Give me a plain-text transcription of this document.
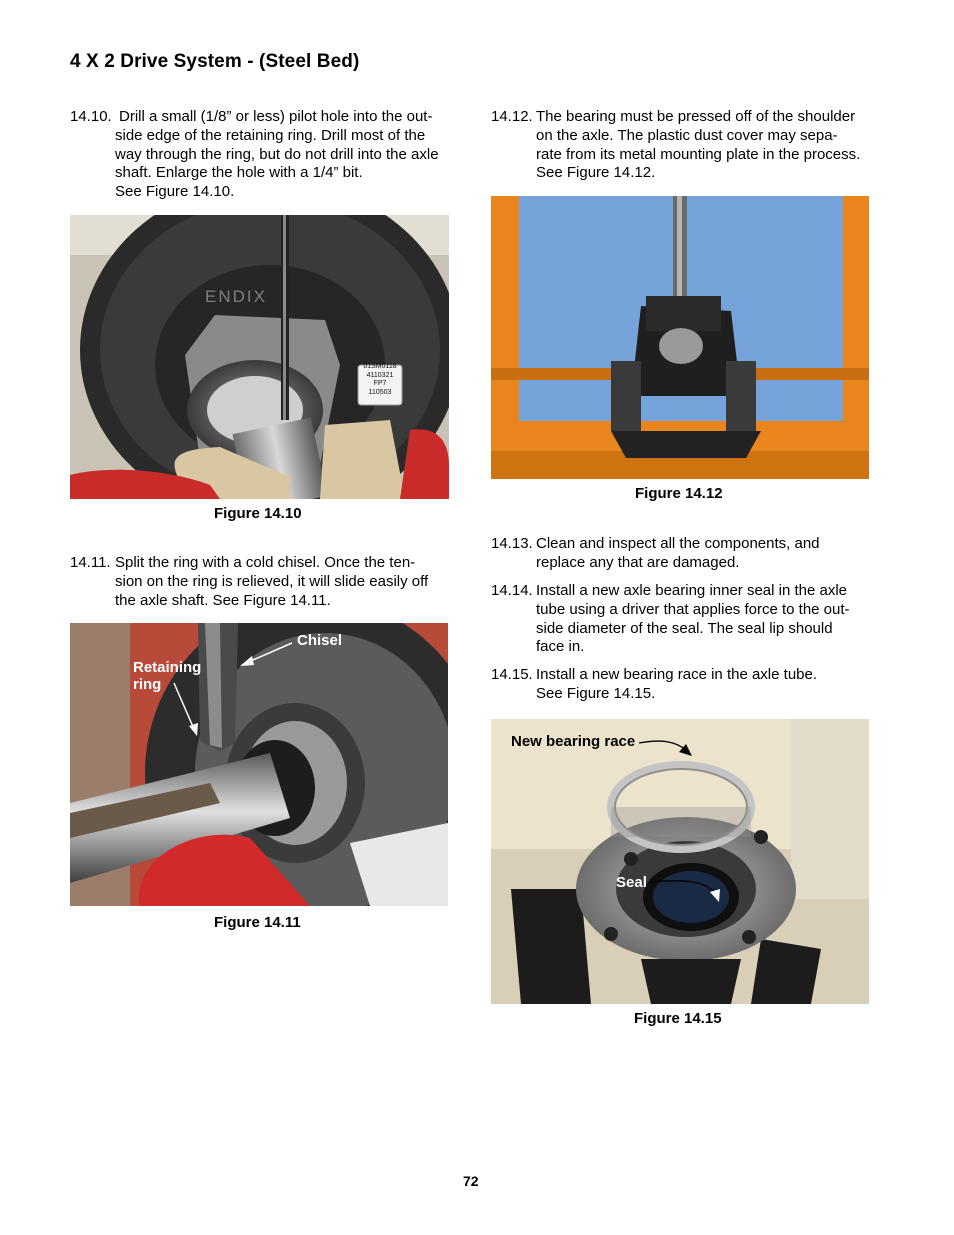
4 X 2 Drive System - (Steel Bed)
14.10. Drill a small (1/8” or less) pilot hole into the out-
side edge of the retaining ring. Drill most of the
way through the ring, but do not drill into the axle
shaft. Enlarge the hole with a 1/4” bit.
See Figure 14.10.
ENDIX
01SM0118
4110321
FP7
110503
Figure 14.10
14.11. Split the ring with a cold chisel. Once the ten-
sion on the ring is relieved, it will slide easily off
the axle shaft. See Figure 14.11.
Chisel
Retaining
ring
Figure 14.11
14.12. The bearing must be pressed off of the shoulder
on the axle. The plastic dust cover may sepa-
rate from its metal mounting plate in the process.
See Figure 14.12.
Figure 14.12
14.13. Clean and inspect all the components, and
replace any that are damaged.
14.14. Install a new axle bearing inner seal in the axle
tube using a driver that applies force to the out-
side diameter of the seal. The seal lip should
face in.
14.15. Install a new bearing race in the axle tube.
See Figure 14.15.
New bearing race
Seal
Figure 14.15
72
